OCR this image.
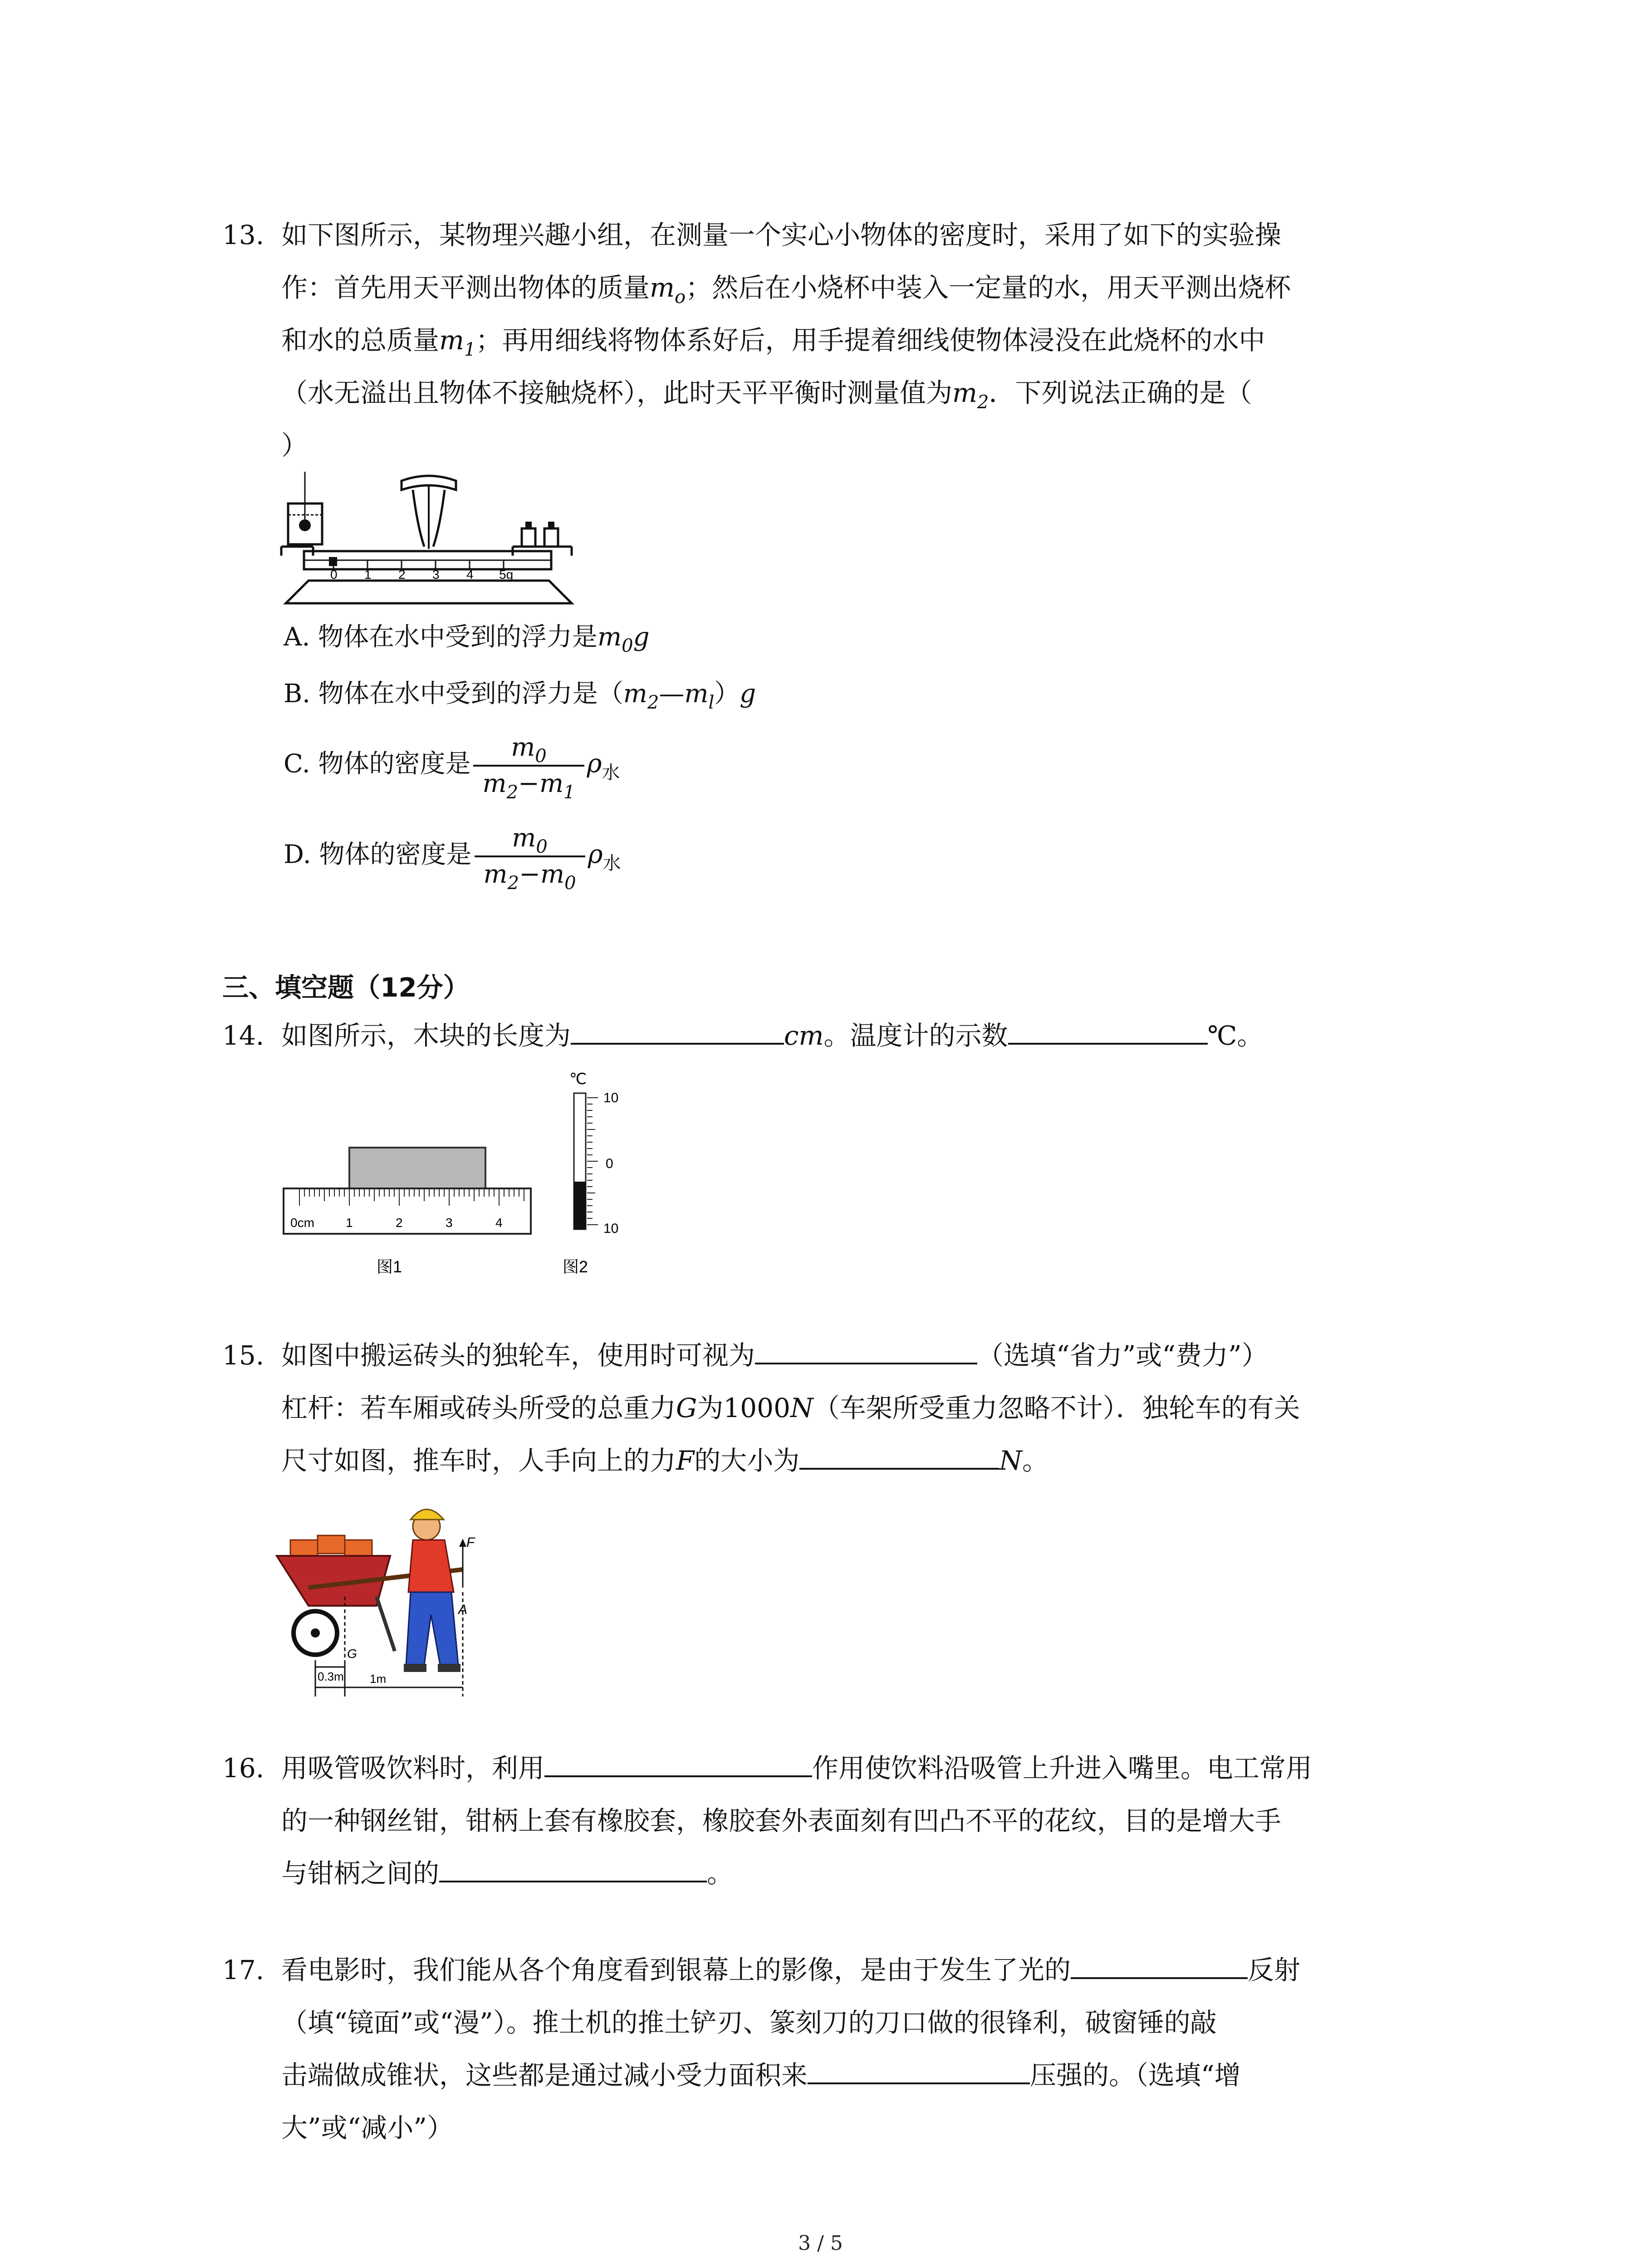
13. 如下图所示，某物理兴趣小组，在测量一个实心小物体的密度时，采用了如下的实验操
作：首先用天平测出物体的质量$m_o$；然后在小烧杯中装入一定量的水，用天平测出烧杯
和水的总质量$m_1$；再用细线将物体系好后，用手提着细线使物体浸没在此烧杯的水中
（水无溢出且物体不接触烧杯），此时天平平衡时测量值为$m_2$．下列说法正确的是（
）
0 1 2 3 4 5g
A. 物体在水中受到的浮力是$m_0g$
B. 物体在水中受到的浮力是$(m_2—m_l)g$
C. 物体的密度是 $\frac{m_0}{m_2-m_1} \rho_水$
D. 物体的密度是 $\frac{m_0}{m_2-m_0} \rho_水$
三、填空题（12分）
14. 如图所示，木块的长度为	cm。温度计的示数	℃。
0cm 1	2	3	4
图1
℃
10
0
10
图2
15. 如图中搬运砖头的独轮车，使用时可视为	（选填“省力”或“费力”）
杠杆：若车厢或砖头所受的总重力G为1000N（车架所受重力忽略不计）．独轮车的有关
尺寸如图，推车时，人手向上的力F的大小为	N。
F
A
G
0.3m 1m
16. 用吸管吸饮料时，利用	作用使饮料沿吸管上升进入嘴里。电工常用
的一种钢丝钳，钳柄上套有橡胶套，橡胶套外表面刻有凹凸不平的花纹，目的是增大手
与钳柄之间的	。
17. 看电影时，我们能从各个角度看到银幕上的影像，是由于发生了光的	反射
（填“镜面”或“漫”）。推土机的推土铲刃、篆刻刀的刀口做的很锋利，破窗锤的敲
击端做成锥状，这些都是通过减小受力面积来	压强的。（选填“增
大”或“减小”）
3 / 5
